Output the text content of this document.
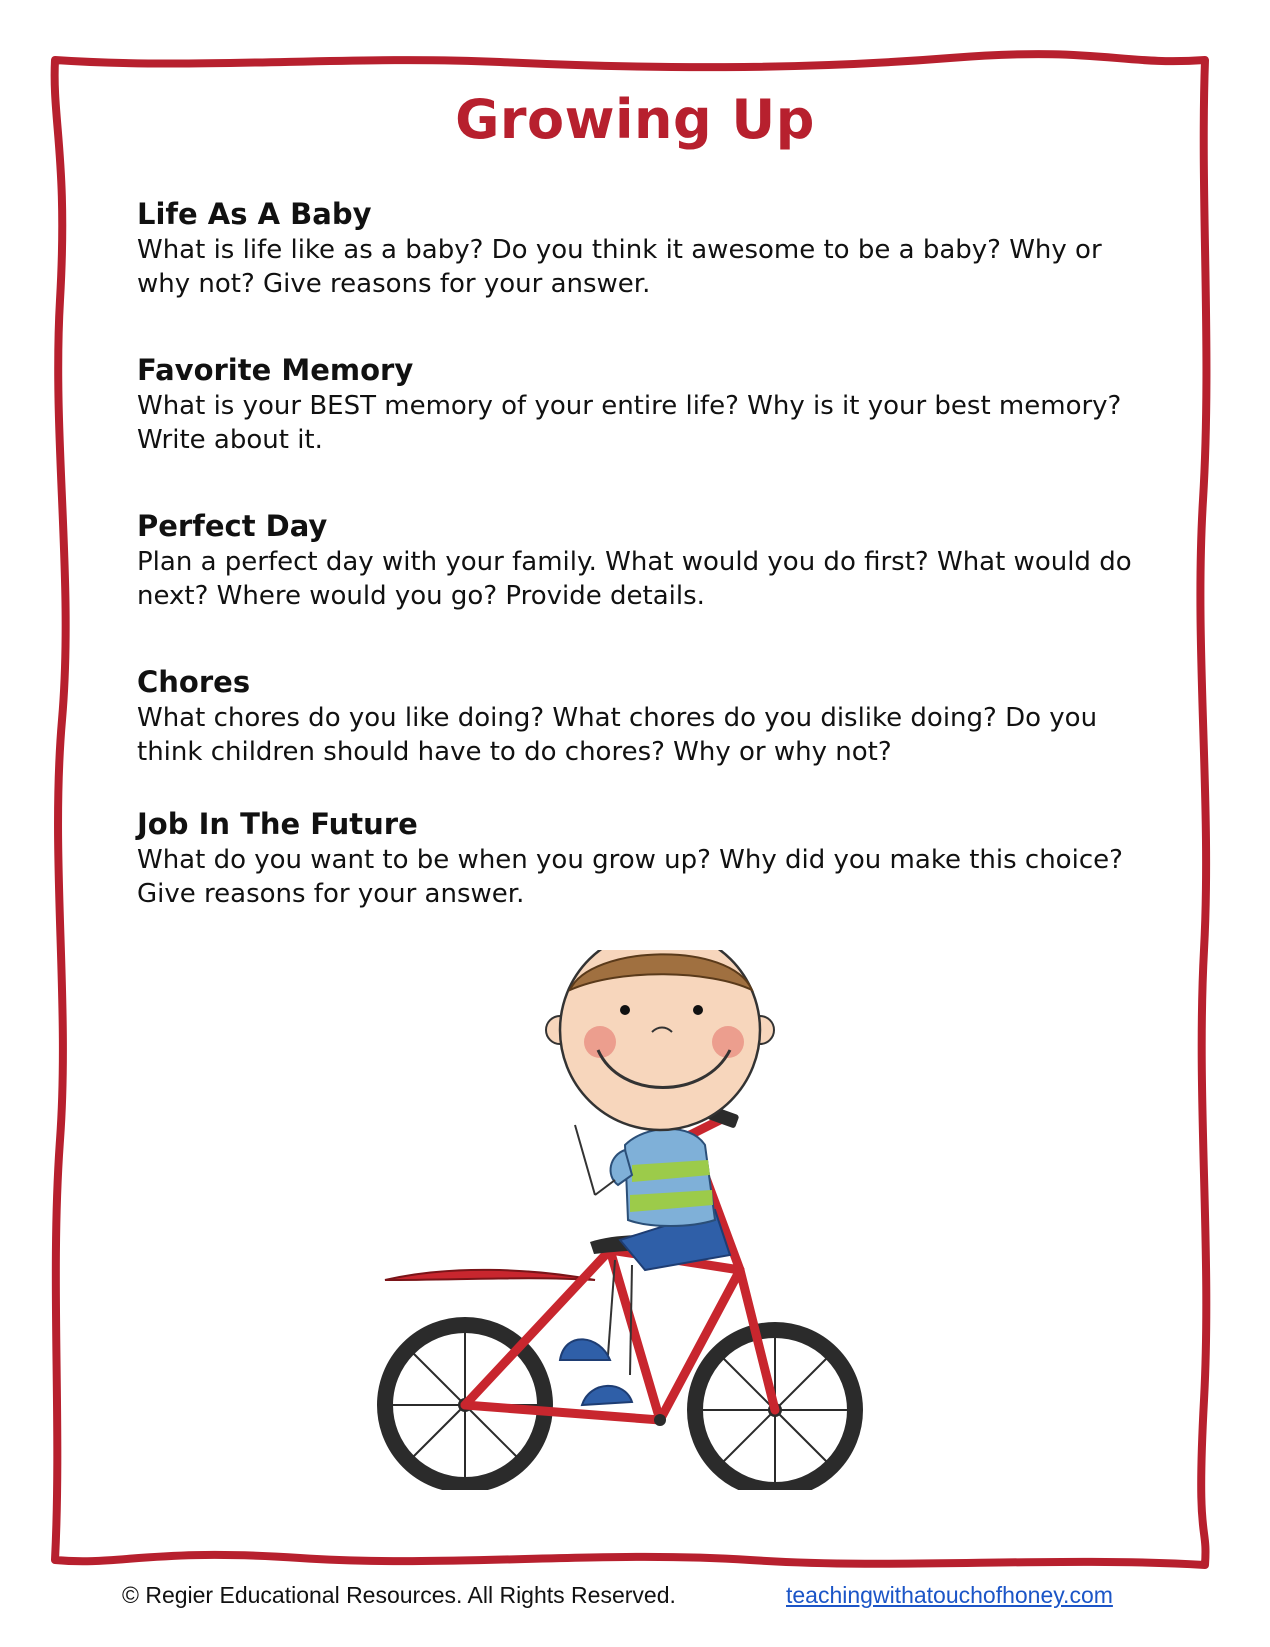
Growing Up
Life As A Baby
What is life like as a baby? Do you think it awesome to be a baby? Why or why not? Give reasons for your answer.
Favorite Memory
What is your BEST memory of your entire life? Why is it your best memory? Write about it.
Perfect Day
Plan a perfect day with your family. What would you do first? What would do next? Where would you go? Provide details.
Chores
What chores do you like doing? What chores do you dislike doing? Do you think children should have to do chores? Why or why not?
Job In The Future
What do you want to be when you grow up? Why did you make this choice? Give reasons for your answer.
© Regier Educational Resources. All Rights Reserved.	teachingwithatouchofhoney.com
